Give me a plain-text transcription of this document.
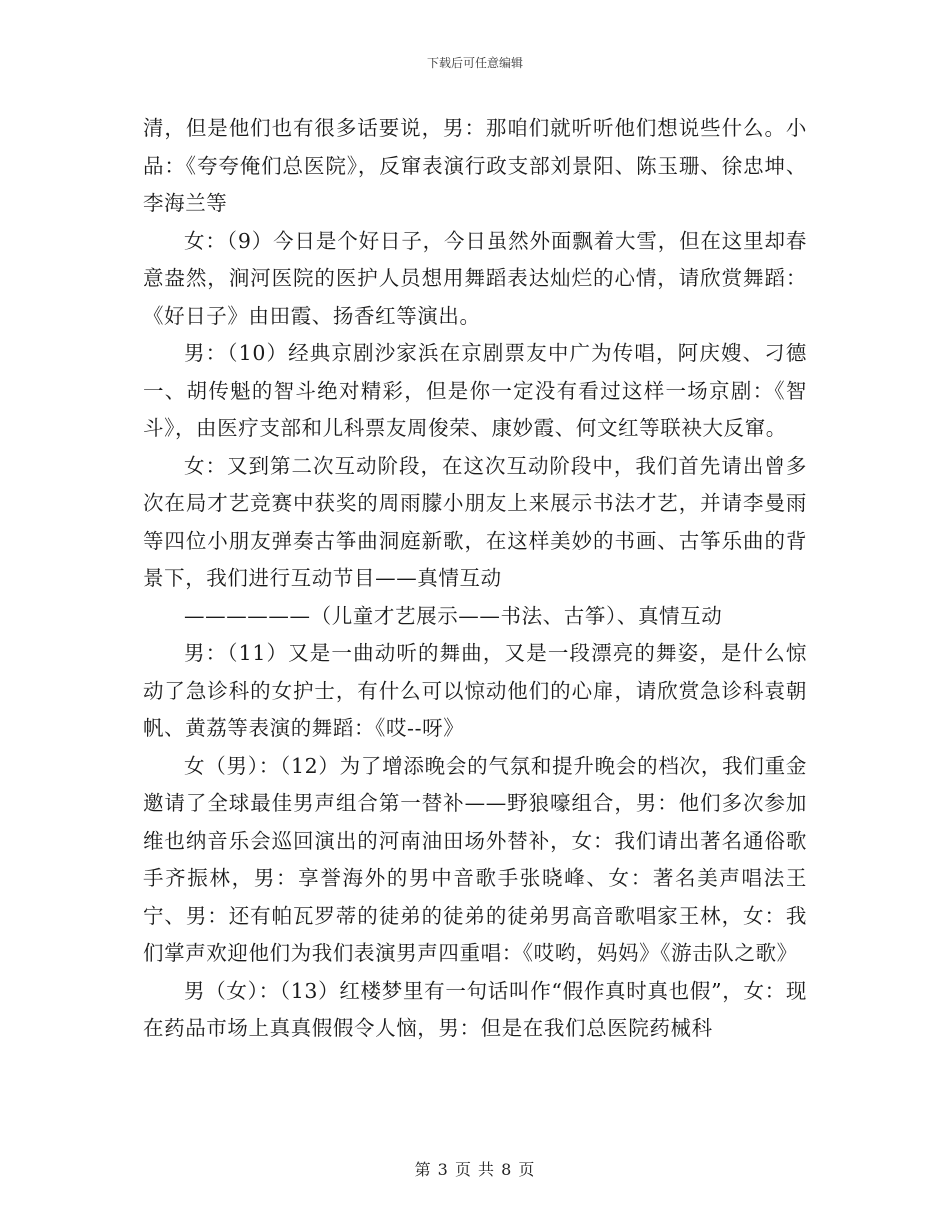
下载后可任意编辑

清，但是他们也有很多话要说，男：那咱们就听听他们想说些什么。小品：《夸夸俺们总医院》，反窜表演行政支部刘景阳、陈玉珊、徐忠坤、李海兰等

女：（9）今日是个好日子，今日虽然外面飘着大雪，但在这里却春意盎然，涧河医院的医护人员想用舞蹈表达灿烂的心情，请欣赏舞蹈：《好日子》由田霞、扬香红等演出。

男：（10）经典京剧沙家浜在京剧票友中广为传唱，阿庆嫂、刁德一、胡传魁的智斗绝对精彩，但是你一定没有看过这样一场京剧：《智斗》，由医疗支部和儿科票友周俊荣、康妙霞、何文红等联袂大反窜。

女：又到第二次互动阶段，在这次互动阶段中，我们首先请出曾多次在局才艺竞赛中获奖的周雨朦小朋友上来展示书法才艺，并请李曼雨等四位小朋友弹奏古筝曲洞庭新歌，在这样美妙的书画、古筝乐曲的背景下，我们进行互动节目——真情互动

——————（儿童才艺展示——书法、古筝）、真情互动

男：（11）又是一曲动听的舞曲，又是一段漂亮的舞姿，是什么惊动了急诊科的女护士，有什么可以惊动他们的心扉，请欣赏急诊科袁朝帆、黄荔等表演的舞蹈：《哎--呀》

女（男）：（12）为了增添晚会的气氛和提升晚会的档次，我们重金邀请了全球最佳男声组合第一替补——野狼嚎组合，男：他们多次参加维也纳音乐会巡回演出的河南油田场外替补，女：我们请出著名通俗歌手齐振林，男：享誉海外的男中音歌手张晓峰、女：著名美声唱法王宁、男：还有帕瓦罗蒂的徒弟的徒弟的徒弟男高音歌唱家王林，女：我们掌声欢迎他们为我们表演男声四重唱：《哎哟，妈妈》《游击队之歌》

男（女）：（13）红楼梦里有一句话叫作“假作真时真也假”，女：现在药品市场上真真假假令人恼，男：但是在我们总医院药械科

第 3 页 共 8 页
